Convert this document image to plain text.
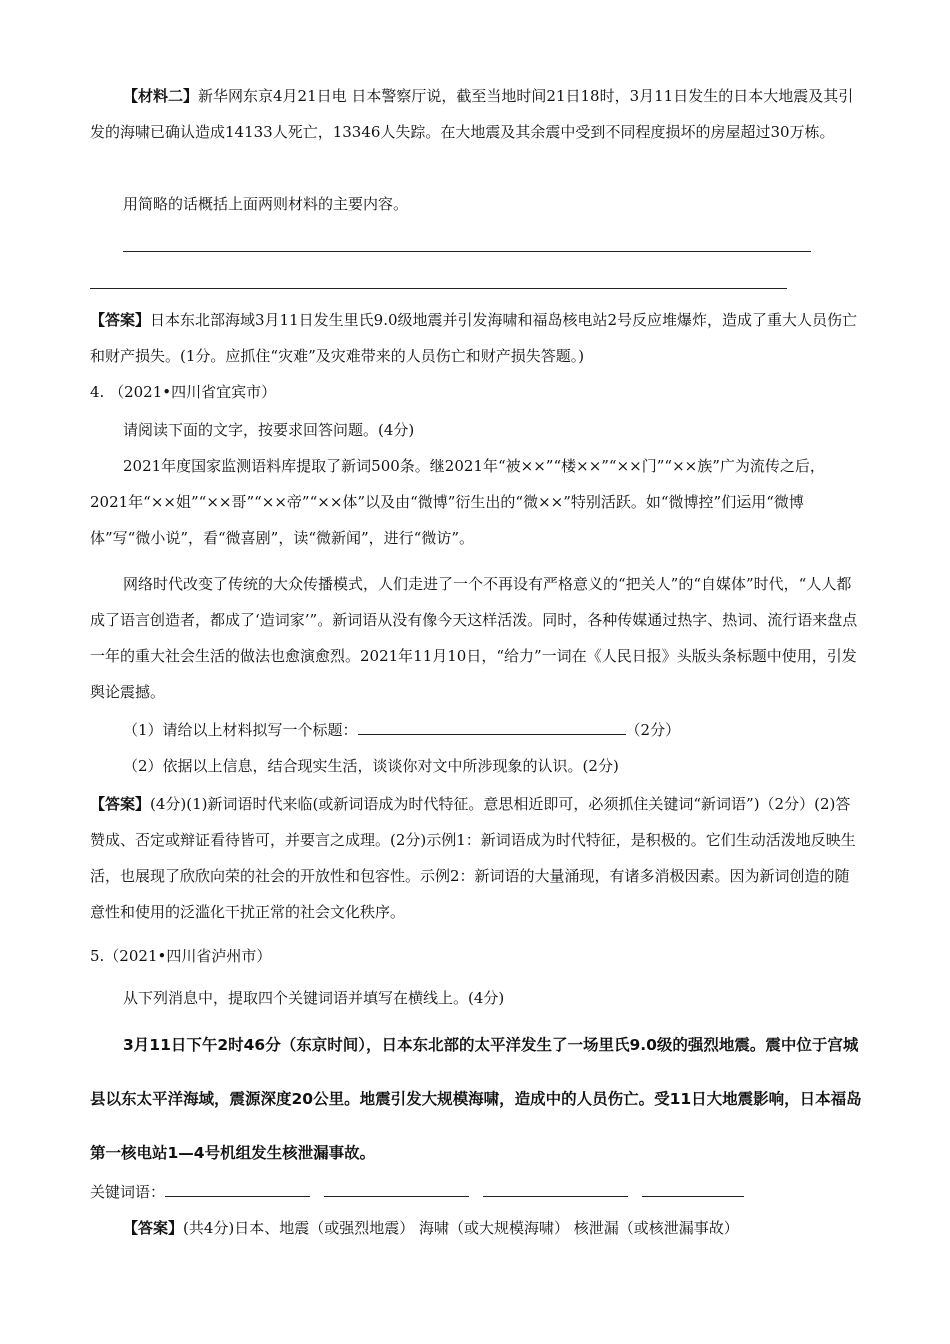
【材料二】新华网东京4月21日电 日本警察厅说，截至当地时间21日18时，3月11日发生的日本大地震及其引发的海啸已确认造成14133人死亡，13346人失踪。在大地震及其余震中受到不同程度损坏的房屋超过30万栋。

用简略的话概括上面两则材料的主要内容。

【答案】日本东北部海域3月11日发生里氏9.0级地震并引发海啸和福岛核电站2号反应堆爆炸，造成了重大人员伤亡和财产损失。(1分。应抓住“灾难”及灾难带来的人员伤亡和财产损失答题。)

4. （2021•四川省宜宾市）

请阅读下面的文字，按要求回答问题。(4分)

2021年度国家监测语料库提取了新词500条。继2021年“被××”“楼××”“××门”“××族”广为流传之后，2021年“××姐”“××哥”“××帝”“××体”以及由“微博”衍生出的“微××”特别活跃。如“微博控”们运用“微博体”写“微小说”，看“微喜剧”，读“微新闻”，进行“微访”。

网络时代改变了传统的大众传播模式，人们走进了一个不再设有严格意义的“把关人”的“自媒体”时代，“人人都成了语言创造者，都成了‘造词家’”。新词语从没有像今天这样活泼。同时，各种传媒通过热字、热词、流行语来盘点一年的重大社会生活的做法也愈演愈烈。2021年11月10日，“给力”一词在《人民日报》头版头条标题中使用，引发舆论震撼。

（1）请给以上材料拟写一个标题：	（2分）

（2）依据以上信息，结合现实生活，谈谈你对文中所涉现象的认识。(2分)

【答案】(4分)(1)新词语时代来临(或新词语成为时代特征。意思相近即可，必须抓住关键词“新词语”)（2分）(2)答赞成、否定或辩证看待皆可，并要言之成理。(2分)示例1：新词语成为时代特征，是积极的。它们生动活泼地反映生活，也展现了欣欣向荣的社会的开放性和包容性。示例2：新词语的大量涌现，有诸多消极因素。因为新词创造的随意性和使用的泛滥化干扰正常的社会文化秩序。

5.（2021•四川省泸州市）

从下列消息中，提取四个关键词语并填写在横线上。(4分)

3月11日下午2时46分（东京时间），日本东北部的太平洋发生了一场里氏9.0级的强烈地震。震中位于宫城县以东太平洋海域，震源深度20公里。地震引发大规模海啸，造成中的人员伤亡。受11日大地震影响，日本福岛第一核电站1—4号机组发生核泄漏事故。

关键词语：

【答案】(共4分)日本、地震（或强烈地震） 海啸（或大规模海啸） 核泄漏（或核泄漏事故）
